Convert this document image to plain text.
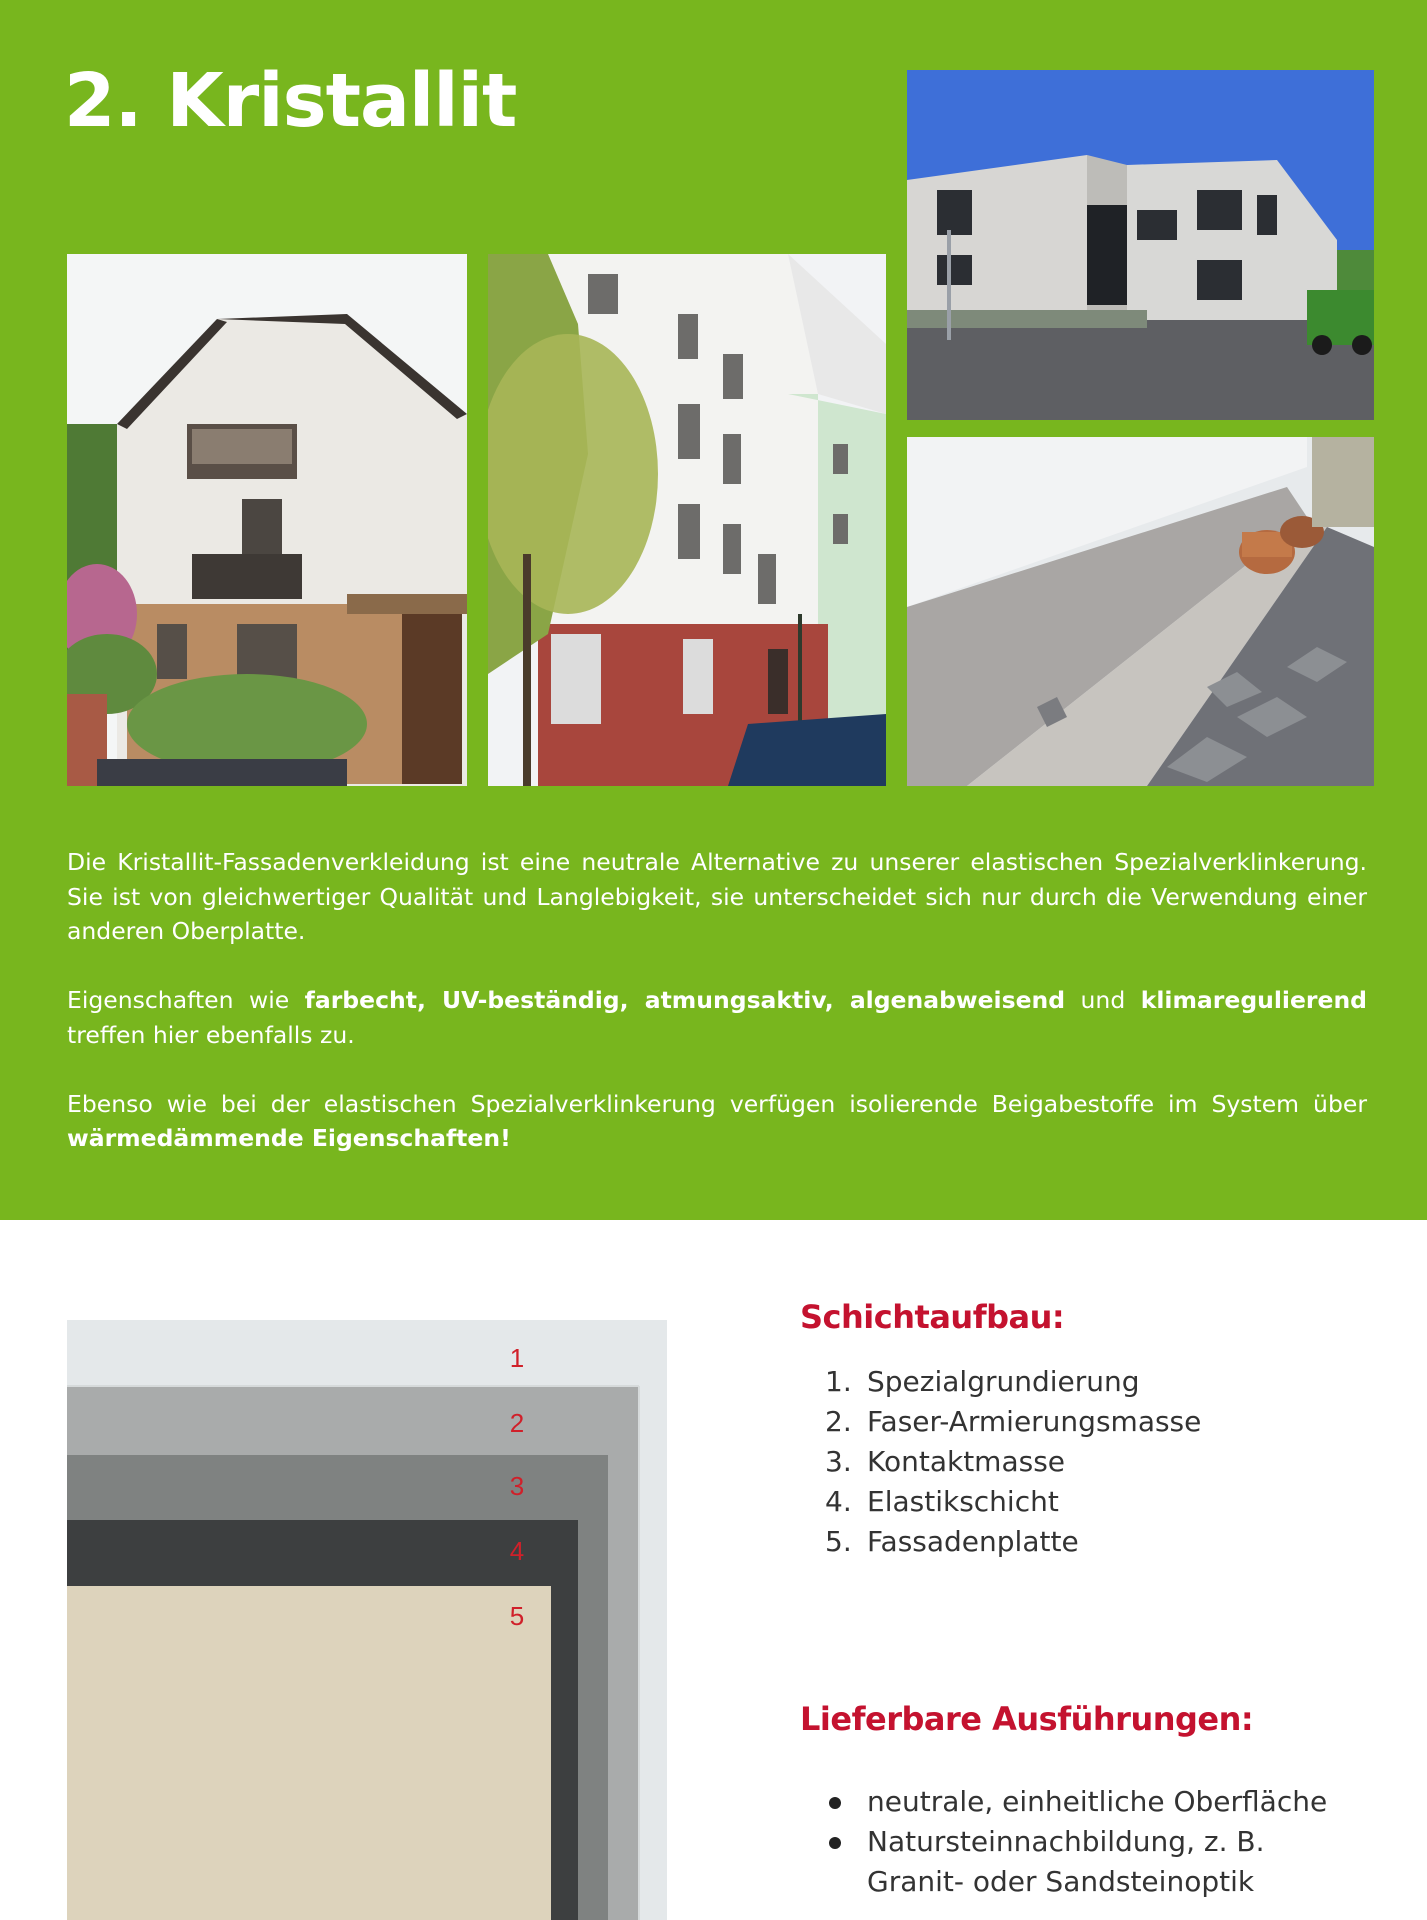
2. Kristallit

Die Kristallit-Fassadenverkleidung ist eine neutrale Alternative zu unserer elastischen Spezialverklinkerung. Sie ist von gleichwertiger Qualität und Langlebigkeit, sie unterscheidet sich nur durch die Verwendung einer anderen Oberplatte.

Eigenschaften wie farbecht, UV-beständig, atmungsaktiv, algenabweisend und klimaregulierend treffen hier ebenfalls zu.

Ebenso wie bei der elastischen Spezialverklinkerung verfügen isolierende Beigabestoffe im System über wärmedämmende Eigenschaften!

1
2
3
4
5
Schichtaufbau:
1. Spezialgrundierung
2. Faser-Armierungsmasse
3. Kontaktmasse
4. Elastikschicht
5. Fassadenplatte
Lieferbare Ausführungen:
neutrale, einheitliche Oberfläche
Natursteinnachbildung, z. B. Granit- oder Sandsteinoptik
